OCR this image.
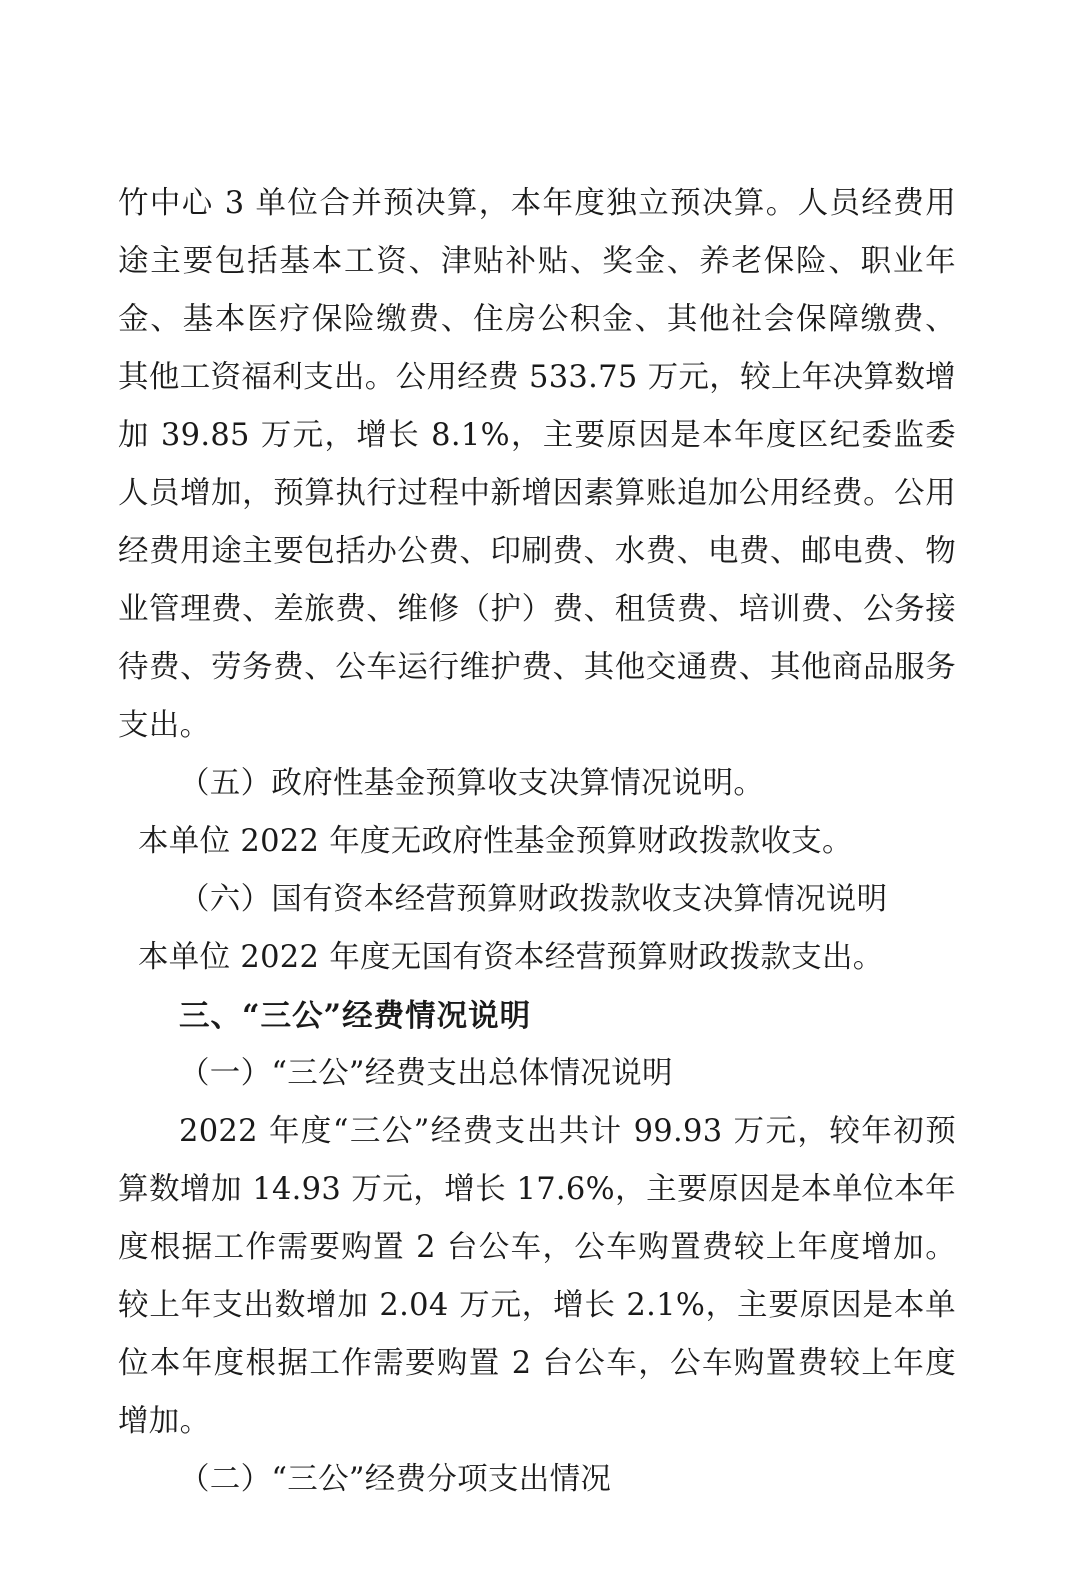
竹中心 3 单位合并预决算，本年度独立预决算。人员经费用途主要包括基本工资、津贴补贴、奖金、养老保险、职业年金、基本医疗保险缴费、住房公积金、其他社会保障缴费、 其他工资福利支出。公用经费 533.75 万元，较上年决算数增加 39.85 万元，增长 8.1%，主要原因是本年度区纪委监委人员增加，预算执行过程中新增因素算账追加公用经费。公用经费用途主要包括办公费、印刷费、水费、电费、邮电费、物业管理费、差旅费、维修（护）费、租赁费、培训费、公务接待费、劳务费、公车运行维护费、其他交通费、其他商品服务支出。

（五）政府性基金预算收支决算情况说明。

本单位 2022 年度无政府性基金预算财政拨款收支。

（六）国有资本经营预算财政拨款收支决算情况说明

本单位 2022 年度无国有资本经营预算财政拨款支出。

三、“三公”经费情况说明

（一）“三公”经费支出总体情况说明

2022 年度“三公”经费支出共计 99.93 万元，较年初预算数增加 14.93 万元，增长 17.6%，主要原因是本单位本年度根据工作需要购置 2 台公车，公车购置费较上年度增加。较上年支出数增加 2.04 万元，增长 2.1%，主要原因是本单位本年度根据工作需要购置 2 台公车，公车购置费较上年度增加。

（二）“三公”经费分项支出情况
